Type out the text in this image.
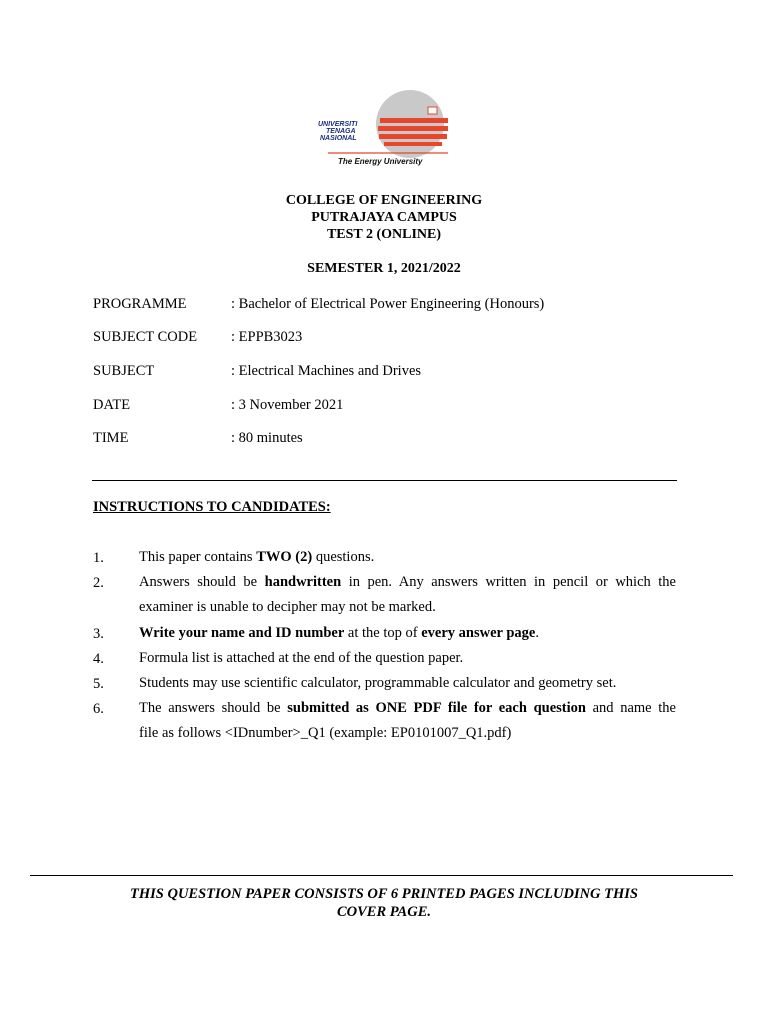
UNIVERSITI
TENAGA
NASIONAL
The Energy University
COLLEGE OF ENGINEERING
PUTRAJAYA CAMPUS
TEST 2 (ONLINE)
SEMESTER 1, 2021/2022
PROGRAMME	: Bachelor of Electrical Power Engineering (Honours)
SUBJECT CODE : EPPB3023
SUBJECT	: Electrical Machines and Drives
DATE	: 3 November 2021
TIME	: 80 minutes
INSTRUCTIONS TO CANDIDATES:
1. This paper contains TWO (2) questions.
2. Answers should be handwritten in pen. Any answers written in pencil or which the
examiner is unable to decipher may not be marked.
3. Write your name and ID number at the top of every answer page.
4. Formula list is attached at the end of the question paper.
5. Students may use scientific calculator, programmable calculator and geometry set.
6. The answers should be submitted as ONE PDF file for each question and name the
file as follows <IDnumber>_Q1 (example: EP0101007_Q1.pdf)
THIS QUESTION PAPER CONSISTS OF 6 PRINTED PAGES INCLUDING THIS
COVER PAGE.
